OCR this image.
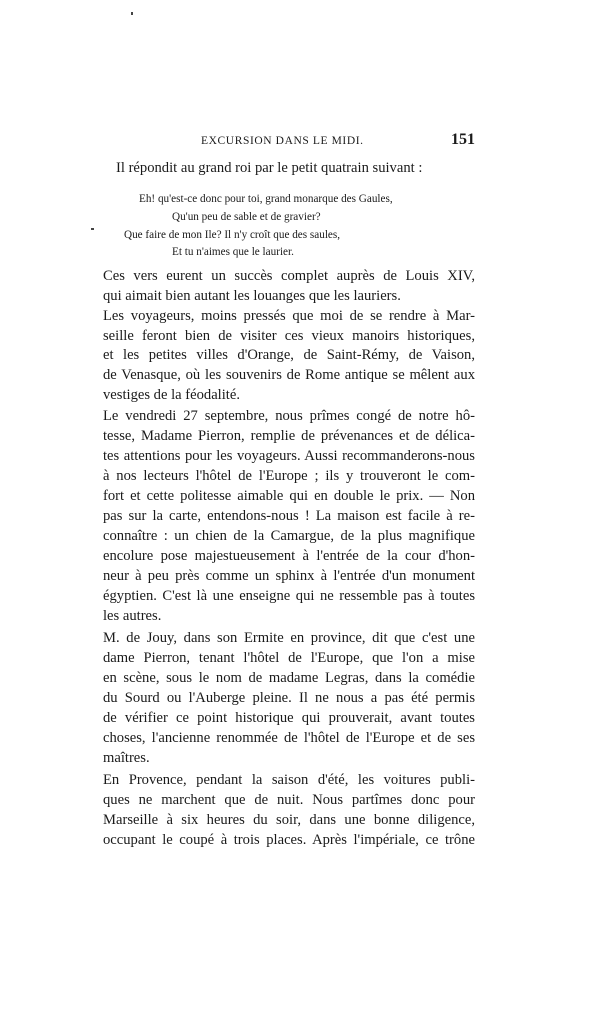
EXCURSION DANS LE MIDI.	151
Il répondit au grand roi par le petit quatrain suivant :
Eh! qu'est-ce donc pour toi, grand monarque des Gaules,
Qu'un peu de sable et de gravier?
Que faire de mon Ile? Il n'y croît que des saules,
Et tu n'aimes que le laurier.
Ces vers eurent un succès complet auprès de Louis XIV,
qui aimait bien autant les louanges que les lauriers.
Les voyageurs, moins pressés que moi de se rendre à Mar-
seille feront bien de visiter ces vieux manoirs historiques,
et les petites villes d'Orange, de Saint-Rémy, de Vaison,
de Venasque, où les souvenirs de Rome antique se mêlent aux
vestiges de la féodalité.
Le vendredi 27 septembre, nous prîmes congé de notre hô-
tesse, Madame Pierron, remplie de prévenances et de délica-
tes attentions pour les voyageurs. Aussi recommanderons-nous
à nos lecteurs l'hôtel de l'Europe ; ils y trouveront le com-
fort et cette politesse aimable qui en double le prix. — Non
pas sur la carte, entendons-nous ! La maison est facile à re-
connaître : un chien de la Camargue, de la plus magnifique
encolure pose majestueusement à l'entrée de la cour d'hon-
neur à peu près comme un sphinx à l'entrée d'un monument
égyptien. C'est là une enseigne qui ne ressemble pas à toutes
les autres.
M. de Jouy, dans son Ermite en province, dit que c'est une
dame Pierron, tenant l'hôtel de l'Europe, que l'on a mise
en scène, sous le nom de madame Legras, dans la comédie
du Sourd ou l'Auberge pleine. Il ne nous a pas été permis
de vérifier ce point historique qui prouverait, avant toutes
choses, l'ancienne renommée de l'hôtel de l'Europe et de ses
maîtres.
En Provence, pendant la saison d'été, les voitures publi-
ques ne marchent que de nuit. Nous partîmes donc pour
Marseille à six heures du soir, dans une bonne diligence,
occupant le coupé à trois places. Après l'impériale, ce trône
